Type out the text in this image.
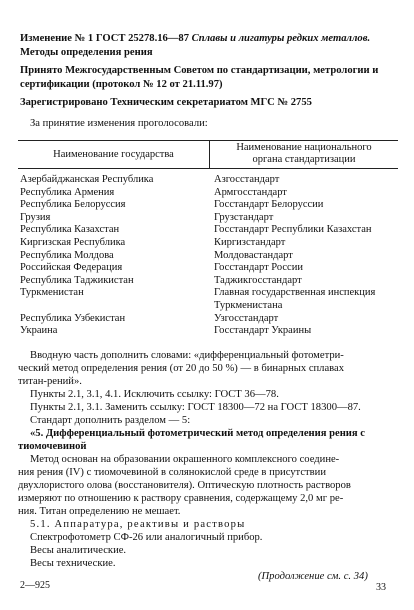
Изменение № 1 ГОСТ 25278.16—87 Сплавы и лигатуры редких металлов.
Методы определения рения
Принято Межгосударственным Советом по стандартизации, метрологии и
сертификации (протокол № 12 от 21.11.97)
Зарегистрировано Техническим секретариатом МГС № 2755
За принятие изменения проголосовали:
Наименование государства
Наименование национального
органа стандартизации
Азербайджанская Республика	Азгосстандарт
Республика Армения	Армгосстандарт
Республика Белоруссия	Госстандарт Белоруссии
Грузия	Грузстандарт
Республика Казахстан	Госстандарт Республики Казахстан
Киргизская Республика	Киргизстандарт
Республика Молдова	Молдовастандарт
Российская Федерация	Госстандарт России
Республика Таджикистан	Таджикгосстандарт
Туркменистан	Главная государственная инспекция
Туркменистана
Республика Узбекистан	Узгосстандарт
Украина	Госстандарт Украины
Вводную часть дополнить словами: «дифференциальный фотометри-
ческий метод определения рения (от 20 до 50 %) — в бинарных сплавах
титан-рений».
Пункты 2.1, 3.1, 4.1. Исключить ссылку: ГОСТ 36—78.
Пункты 2.1, 3.1. Заменить ссылку: ГОСТ 18300—72 на ГОСТ 18300—87.
Стандарт дополнить разделом — 5:
«5. Дифференциальный фотометрический метод определения рения с
тиомочевиной
Метод основан на образовании окрашенного комплексного соедине-
ния рения (IV) с тиомочевиной в солянокислой среде в присутствии
двухлористого олова (восстановителя). Оптическую плотность растворов
измеряют по отношению к раствору сравнения, содержащему 2,0 мг ре-
ния. Титан определению не мешает.
5.1. Аппаратура, реактивы и растворы
Спектрофотометр СФ-26 или аналогичный прибор.
Весы аналитические.
Весы технические.
(Продолжение см. с. 34)
2—925	33
